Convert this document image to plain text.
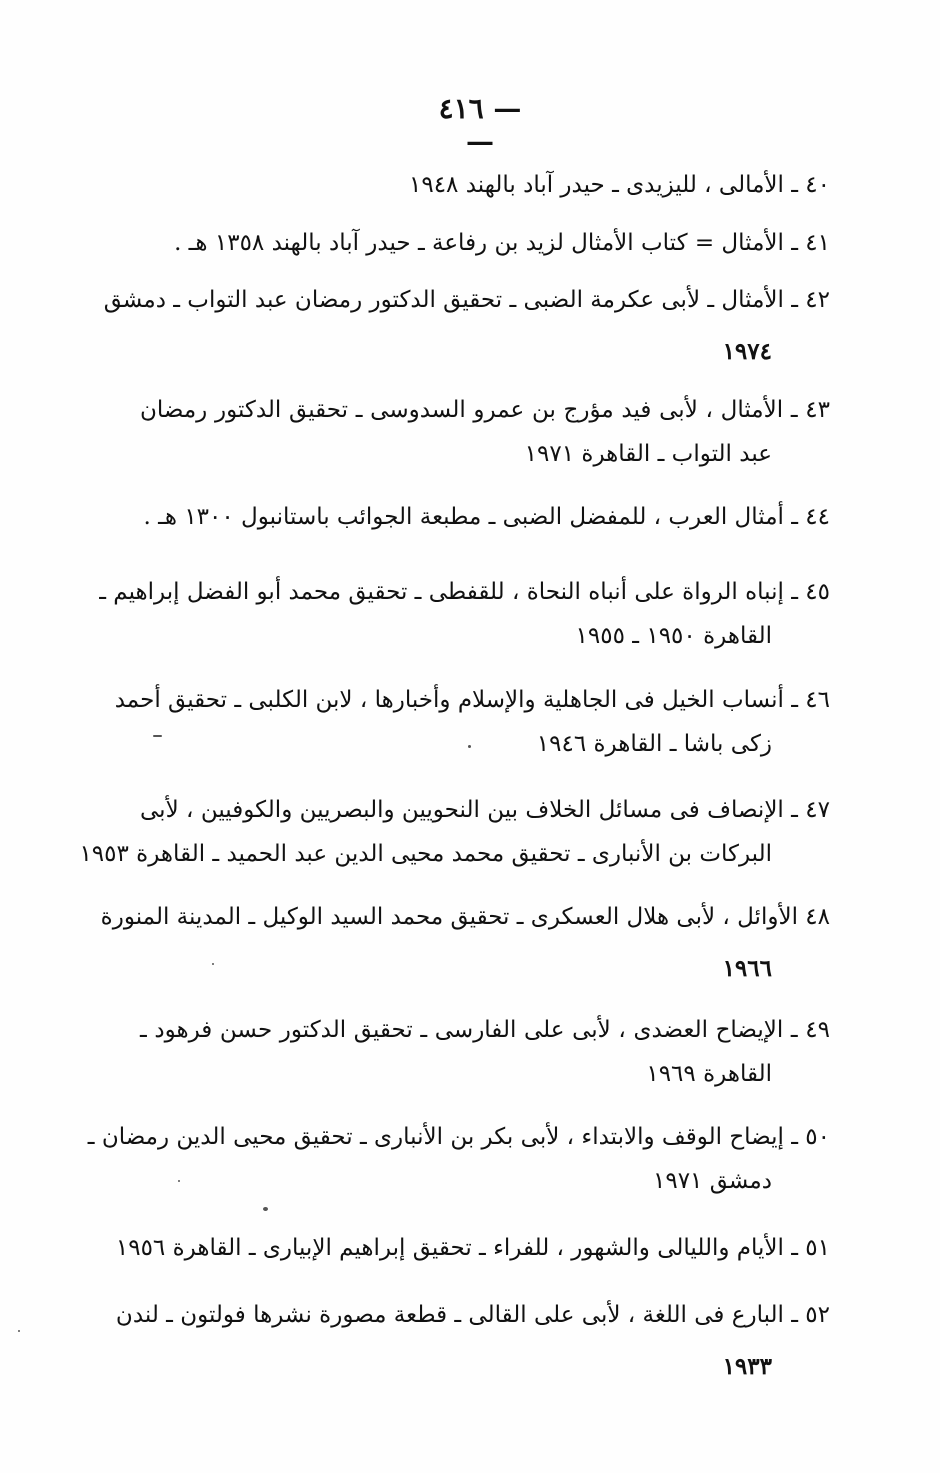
— ٤١٦ —
٤٠ ـ الأمالى ، لليزيدى ـ حيدر آباد بالهند ١٩٤٨
٤١ ـ الأمثال = كتاب الأمثال لزيد بن رفاعة ـ حيدر آباد بالهند ١٣٥٨ هـ .
٤٢ ـ الأمثال ـ لأبى عكرمة الضبى ـ تحقيق الدكتور رمضان عبد التواب ـ دمشق
١٩٧٤
٤٣ ـ الأمثال ، لأبى فيد مؤرج بن عمرو السدوسى ـ تحقيق الدكتور رمضان
عبد التواب ـ القاهرة ١٩٧١
٤٤ ـ أمثال العرب ، للمفضل الضبى ـ مطبعة الجوائب باستانبول ١٣٠٠ هـ .
٤٥ ـ إنباه الرواة على أنباه النحاة ، للقفطى ـ تحقيق محمد أبو الفضل إبراهيم ـ
القاهرة ١٩٥٠ ـ ١٩٥٥
٤٦ ـ أنساب الخيل فى الجاهلية والإسلام وأخبارها ، لابن الكلبى ـ تحقيق أحمد
زكى باشا ـ القاهرة ١٩٤٦
٤٧ ـ الإنصاف فى مسائل الخلاف بين النحويين والبصريين والكوفيين ، لأبى
البركات بن الأنبارى ـ تحقيق محمد محيى الدين عبد الحميد ـ القاهرة ١٩٥٣
٤٨ الأوائل ، لأبى هلال العسكرى ـ تحقيق محمد السيد الوكيل ـ المدينة المنورة
١٩٦٦
٤٩ ـ الإيضاح العضدى ، لأبى على الفارسى ـ تحقيق الدكتور حسن فرهود ـ
القاهرة ١٩٦٩
٥٠ ـ إيضاح الوقف والابتداء ، لأبى بكر بن الأنبارى ـ تحقيق محيى الدين رمضان ـ
دمشق ١٩٧١
٥١ ـ الأيام والليالى والشهور ، للفراء ـ تحقيق إبراهيم الإبيارى ـ القاهرة ١٩٥٦
٥٢ ـ البارع فى اللغة ، لأبى على القالى ـ قطعة مصورة نشرها فولتون ـ لندن
١٩٣٣
